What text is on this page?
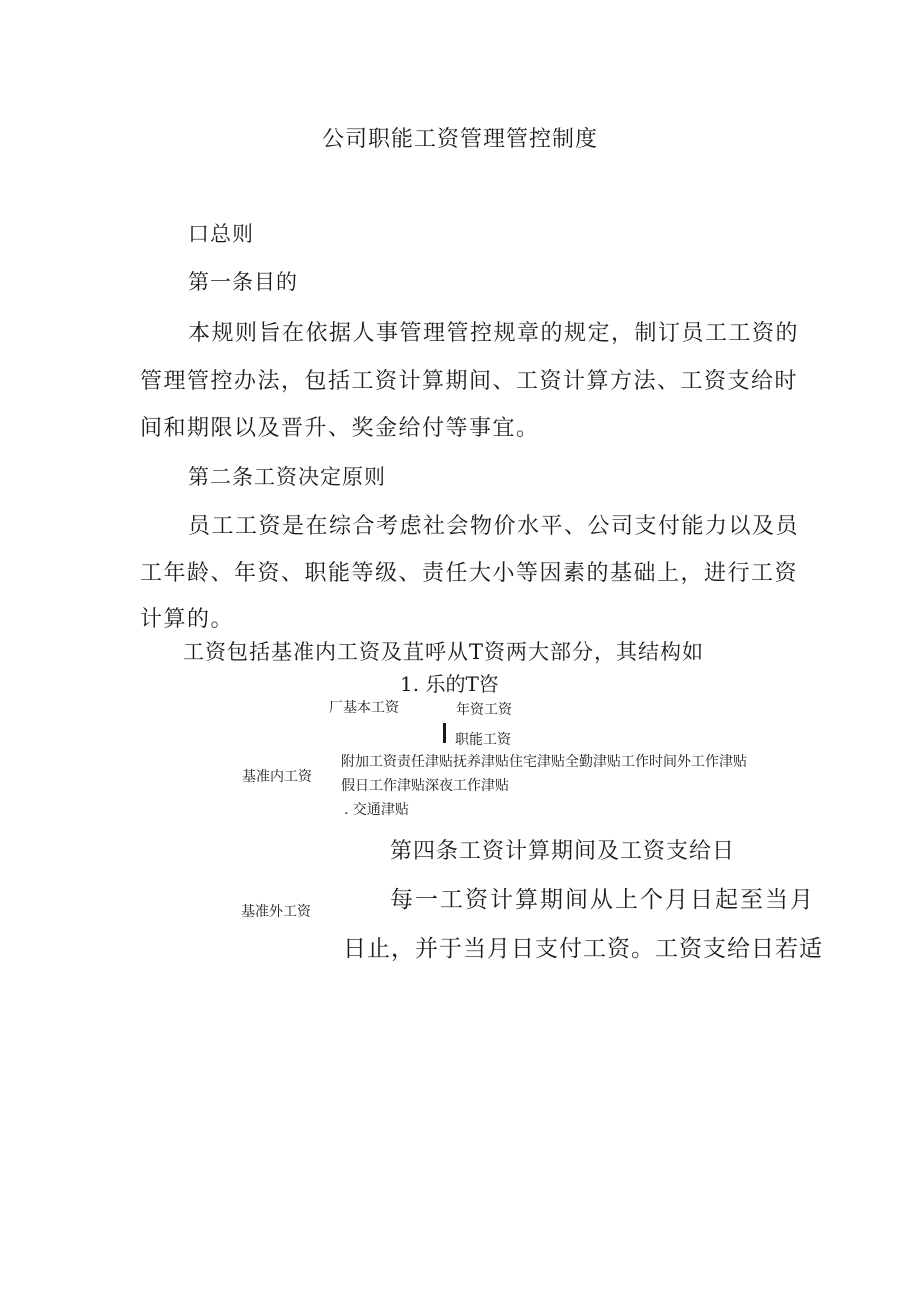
公司职能工资管理管控制度
口总则
第一条目的
本规则旨在依据人事管理管控规章的规定，制订员工工资的
管理管控办法，包括工资计算期间、工资计算方法、工资支给时
间和期限以及晋升、奖金给付等事宜。
第二条工资决定原则
员工工资是在综合考虑社会物价水平、公司支付能力以及员
工年龄、年资、职能等级、责任大小等因素的基础上，进行工资
计算的。
工资包括基准内工资及苴呼从T资两大部分，其结构如
1. 乐的T咨
厂基本工资	年资工资
职能工资
附加工资责任津贴抚养津贴住宅津贴全勤津贴工作时间外工作津贴
基准内工资
假日工作津贴深夜工作津贴
. 交通津贴
第四条工资计算期间及工资支给日
基准外工资	每一工资计算期间从上个月日起至当月
日止，并于当月日支付工资。工资支给日若适
